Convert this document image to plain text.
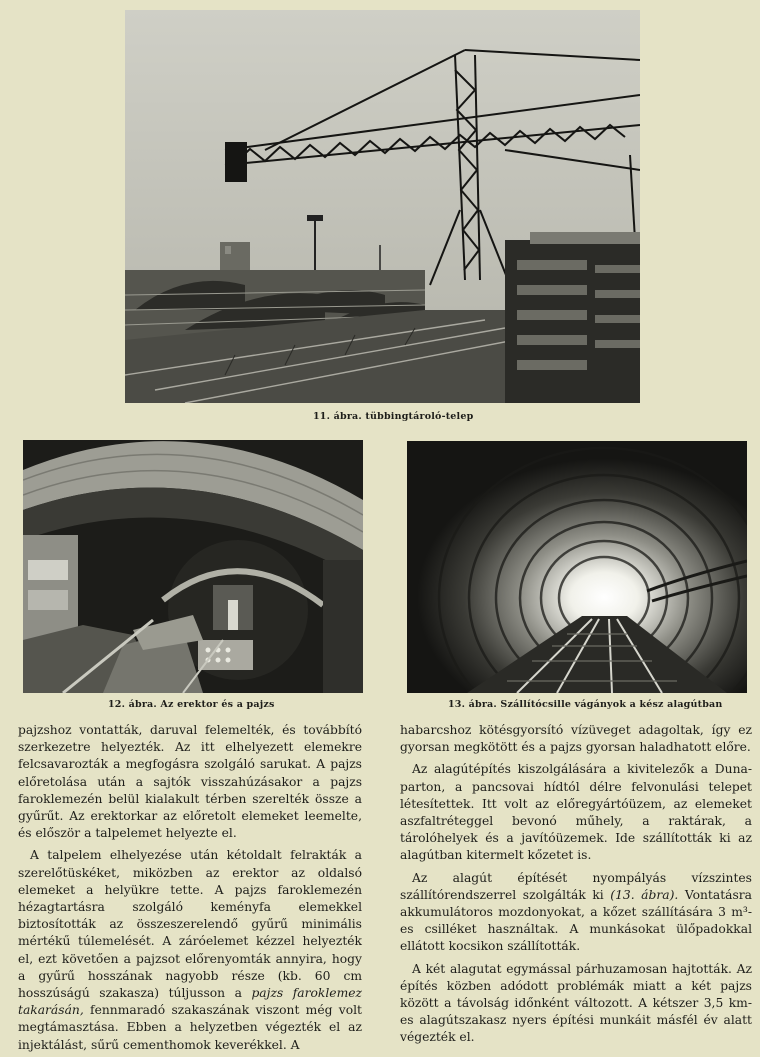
11. ábra. tübbingtároló-telep
12. ábra. Az erektor és a pajzs	13. ábra. Szállítócsille vágányok a kész alagútban

pajzshoz vontatták, daruval felemelték, és továbbító szerkezetre helyezték. Az itt elhelyezett elemekre felcsavarozták a megfogásra szolgáló sarukat. A pajzs előretolása után a sajtók visszahúzásakor a pajzs faroklemezén belül kialakult térben szerelték össze a gyűrűt. Az erektorkar az előretolt elemeket leemelte, és először a talpelemet helyezte el.

A talpelem elhelyezése után kétoldalt felrakták a szerelőtüskéket, miközben az erektor az oldalsó elemeket a helyükre tette. A pajzs faroklemezén hézagtartásra szolgáló keményfa elemekkel biztosították az összeszerelendő gyűrű minimális mértékű túlemelését. A záróelemet kézzel helyezték el, ezt követően a pajzsot előrenyomták annyira, hogy a gyűrű hosszának nagyobb része (kb. 60 cm hosszúságú szakasza) túljusson a pajzs faroklemez takarásán, fennmaradó szakaszának viszont még volt megtámasztása. Ebben a helyzetben végezték el az injektálást, sűrű cementhomok keverékkel. A

habarcshoz kötésgyorsító vízüveget adagoltak, így ez gyorsan megkötött és a pajzs gyorsan haladhatott előre.

Az alagútépítés kiszolgálására a kivitelezők a Duna-parton, a pancsovai hídtól délre felvonulási telepet létesítettek. Itt volt az előregyártóüzem, az elemeket aszfaltréteggel bevonó műhely, a raktárak, a tárolóhelyek és a javítóüzemek. Ide szállították ki az alagútban kitermelt kőzetet is.

Az alagút építését nyompályás vízszintes szállítórendszerrel szolgálták ki (13. ábra). Vontatásra akkumulátoros mozdonyokat, a kőzet szállítására 3 m³-es csilléket használtak. A munkásokat ülőpadokkal ellátott kocsikon szállították.

A két alagutat egymással párhuzamosan hajtották. Az építés közben adódott problémák miatt a két pajzs között a távolság időnként változott. A kétszer 3,5 km-es alagútszakasz nyers építési munkáit másfél év alatt végezték el.
